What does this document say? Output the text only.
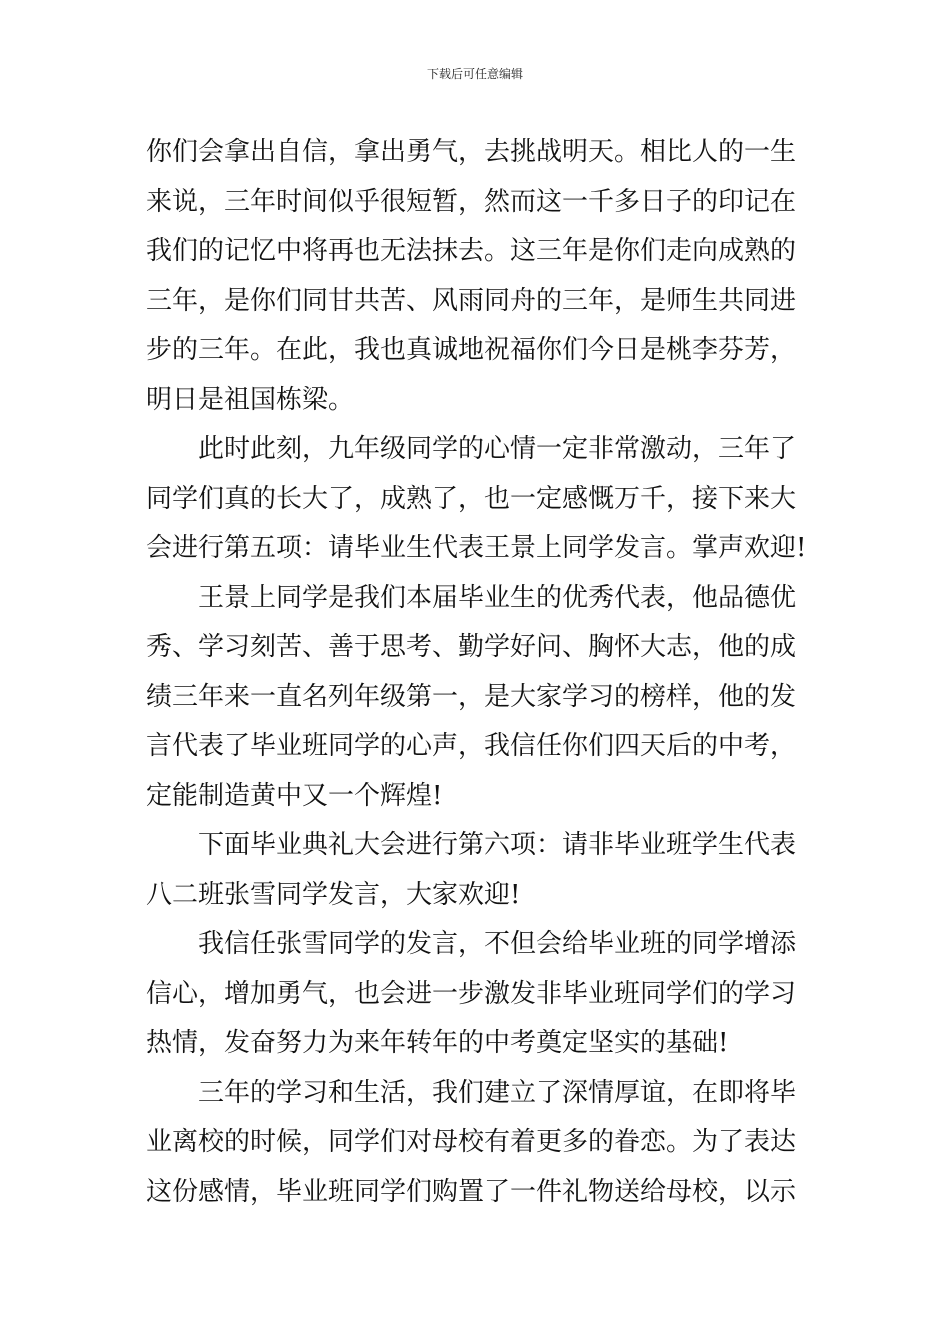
下载后可任意编辑
你们会拿出自信，拿出勇气，去挑战明天。相比人的一生
来说，三年时间似乎很短暂，然而这一千多日子的印记在
我们的记忆中将再也无法抹去。这三年是你们走向成熟的
三年，是你们同甘共苦、风雨同舟的三年，是师生共同进
步的三年。在此，我也真诚地祝福你们今日是桃李芬芳，
明日是祖国栋梁。
此时此刻，九年级同学的心情一定非常激动，三年了
同学们真的长大了，成熟了，也一定感慨万千，接下来大
会进行第五项：请毕业生代表王景上同学发言。掌声欢迎!
王景上同学是我们本届毕业生的优秀代表，他品德优
秀、学习刻苦、善于思考、勤学好问、胸怀大志，他的成
绩三年来一直名列年级第一，是大家学习的榜样，他的发
言代表了毕业班同学的心声，我信任你们四天后的中考，
定能制造黄中又一个辉煌!
下面毕业典礼大会进行第六项：请非毕业班学生代表
八二班张雪同学发言，大家欢迎!
我信任张雪同学的发言，不但会给毕业班的同学增添
信心，增加勇气，也会进一步激发非毕业班同学们的学习
热情，发奋努力为来年转年的中考奠定坚实的基础!
三年的学习和生活，我们建立了深情厚谊，在即将毕
业离校的时候，同学们对母校有着更多的眷恋。为了表达
这份感情，毕业班同学们购置了一件礼物送给母校，以示
